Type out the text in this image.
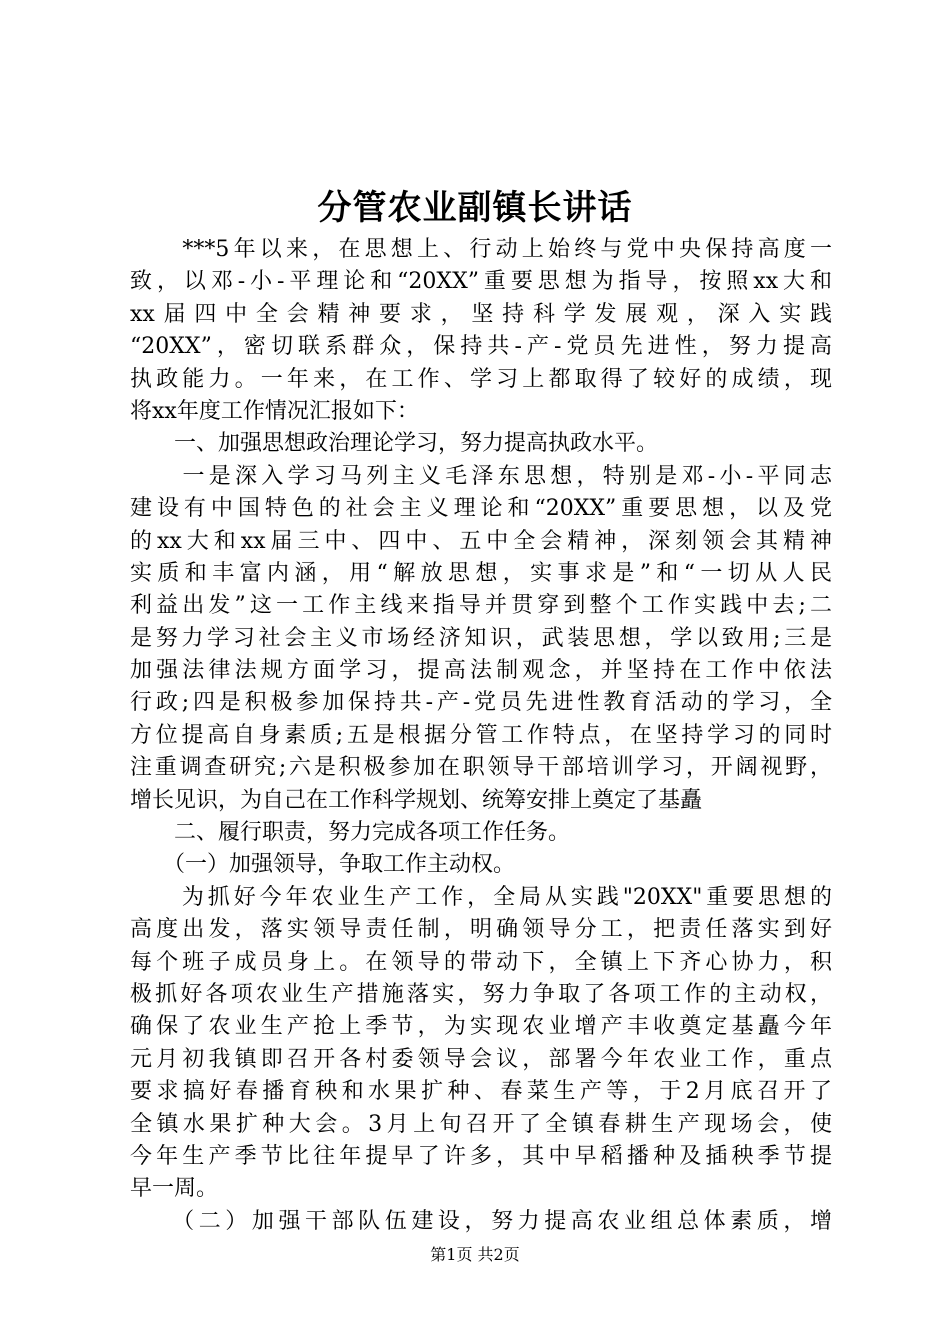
分管农业副镇长讲话
　　***5年以来，在思想上、行动上始终与党中央保持高度一
致，以邓-小-平理论和“20XX”重要思想为指导，按照xx大和
xx届四中全会精神要求，坚持科学发展观，深入实践
“20XX”，密切联系群众，保持共-产-党员先进性，努力提高
执政能力。一年来，在工作、学习上都取得了较好的成绩，现
将xx年度工作情况汇报如下：
　　一、加强思想政治理论学习，努力提高执政水平。
　　一是深入学习马列主义毛泽东思想，特别是邓-小-平同志
建设有中国特色的社会主义理论和“20XX”重要思想，以及党
的xx大和xx届三中、四中、五中全会精神，深刻领会其精神
实质和丰富内涵，用“解放思想，实事求是”和“一切从人民
利益出发”这一工作主线来指导并贯穿到整个工作实践中去;二
是努力学习社会主义市场经济知识，武装思想，学以致用;三是
加强法律法规方面学习，提高法制观念，并坚持在工作中依法
行政;四是积极参加保持共-产-党员先进性教育活动的学习，全
方位提高自身素质;五是根据分管工作特点，在坚持学习的同时
注重调查研究;六是积极参加在职领导干部培训学习，开阔视野，
增长见识，为自己在工作科学规划、统筹安排上奠定了基矗
　　二、履行职责，努力完成各项工作任务。
　　（一）加强领导，争取工作主动权。
　　为抓好今年农业生产工作，全局从实践"20XX"重要思想的
高度出发，落实领导责任制，明确领导分工，把责任落实到好
每个班子成员身上。在领导的带动下，全镇上下齐心协力，积
极抓好各项农业生产措施落实，努力争取了各项工作的主动权，
确保了农业生产抢上季节，为实现农业增产丰收奠定基矗今年
元月初我镇即召开各村委领导会议，部署今年农业工作，重点
要求搞好春播育秧和水果扩种、春菜生产等，于2月底召开了
全镇水果扩种大会。3月上旬召开了全镇春耕生产现场会，使
今年生产季节比往年提早了许多，其中早稻播种及插秧季节提
早一周。
　　（二）加强干部队伍建设，努力提高农业组总体素质，增
第1页 共2页
